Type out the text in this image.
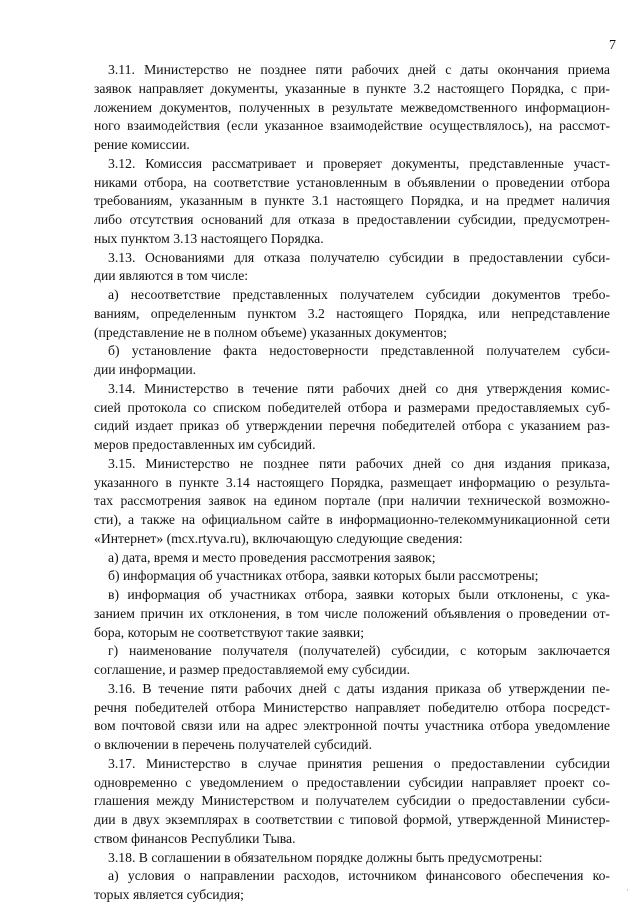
7
3.11. Министерство не позднее пяти рабочих дней с даты окончания приема
заявок направляет документы, указанные в пункте 3.2 настоящего Порядка, с при-
ложением документов, полученных в результате межведомственного информацион-
ного взаимодействия (если указанное взаимодействие осуществлялось), на рассмот-
рение комиссии.
3.12. Комиссия рассматривает и проверяет документы, представленные участ-
никами отбора, на соответствие установленным в объявлении о проведении отбора
требованиям, указанным в пункте 3.1 настоящего Порядка, и на предмет наличия
либо отсутствия оснований для отказа в предоставлении субсидии, предусмотрен-
ных пунктом 3.13 настоящего Порядка.
3.13. Основаниями для отказа получателю субсидии в предоставлении субси-
дии являются в том числе:
а) несоответствие представленных получателем субсидии документов требо-
ваниям, определенным пунктом 3.2 настоящего Порядка, или непредставление
(представление не в полном объеме) указанных документов;
б) установление факта недостоверности представленной получателем субси-
дии информации.
3.14. Министерство в течение пяти рабочих дней со дня утверждения комис-
сией протокола со списком победителей отбора и размерами предоставляемых суб-
сидий издает приказ об утверждении перечня победителей отбора с указанием раз-
меров предоставленных им субсидий.
3.15. Министерство не позднее пяти рабочих дней со дня издания приказа,
указанного в пункте 3.14 настоящего Порядка, размещает информацию о результа-
тах рассмотрения заявок на едином портале (при наличии технической возможно-
сти), а также на официальном сайте в информационно-телекоммуникационной сети
«Интернет» (mcx.rtyva.ru), включающую следующие сведения:
а) дата, время и место проведения рассмотрения заявок;
б) информация об участниках отбора, заявки которых были рассмотрены;
в) информация об участниках отбора, заявки которых были отклонены, с ука-
занием причин их отклонения, в том числе положений объявления о проведении от-
бора, которым не соответствуют такие заявки;
г) наименование получателя (получателей) субсидии, с которым заключается
соглашение, и размер предоставляемой ему субсидии.
3.16. В течение пяти рабочих дней с даты издания приказа об утверждении пе-
речня победителей отбора Министерство направляет победителю отбора посредст-
вом почтовой связи или на адрес электронной почты участника отбора уведомление
о включении в перечень получателей субсидий.
3.17. Министерство в случае принятия решения о предоставлении субсидии
одновременно с уведомлением о предоставлении субсидии направляет проект со-
глашения между Министерством и получателем субсидии о предоставлении субси-
дии в двух экземплярах в соответствии с типовой формой, утвержденной Министер-
ством финансов Республики Тыва.
3.18. В соглашении в обязательном порядке должны быть предусмотрены:
а) условия о направлении расходов, источником финансового обеспечения ко-
торых является субсидия;	·
